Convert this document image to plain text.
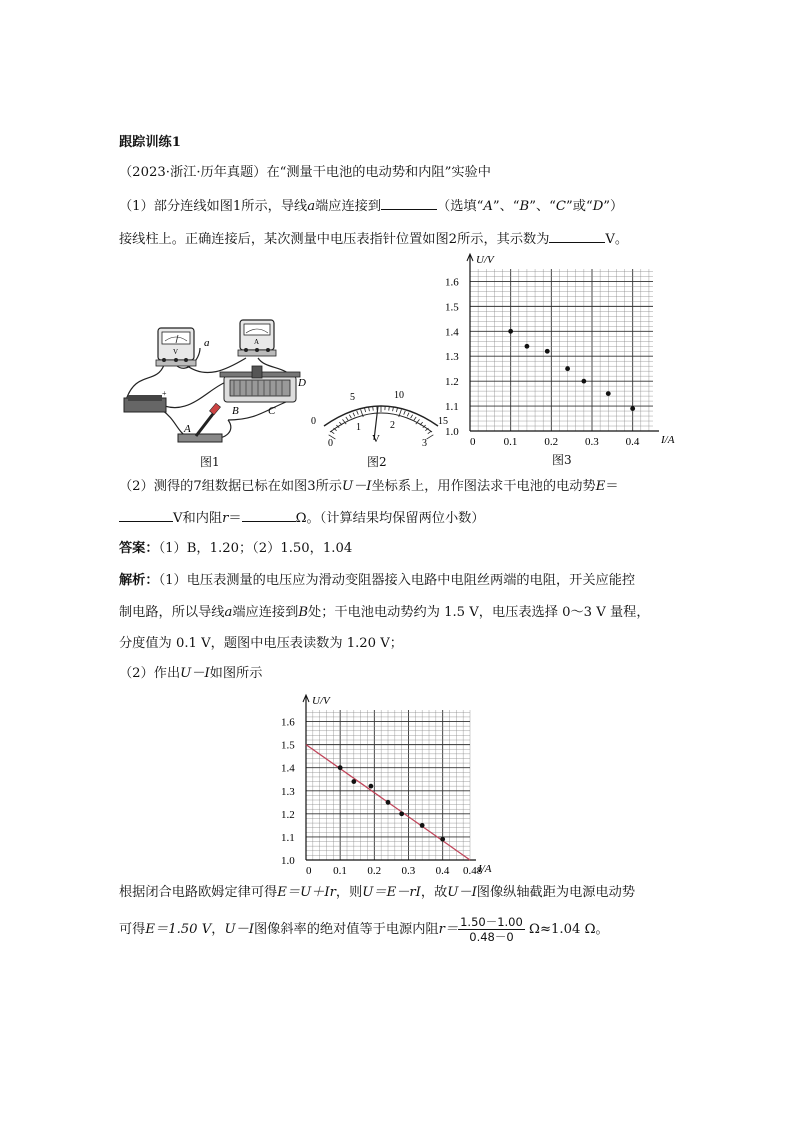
跟踪训练1
（2023·浙江·历年真题）在“测量干电池的电动势和内阻”实验中
（1）部分连线如图1所示，导线a端应连接到	（选填“A”、“B”、“C”或“D”）
接线柱上。正确连接后，某次测量中电压表指针位置如图2所示，其示数为	V。
V
A
+
a
A
B	C
D
图1
0
5	10
15
0
1	2
3
V
图2
U/V
I/A
1.6
1.5
1.4
1.3
1.2
1.1
1.0
0	0.1 0.2 0.3 0.4
图3
（2）测得的7组数据已标在如图3所示U－I坐标系上，用作图法求干电池的电动势E＝
V和内阻r＝	Ω。（计算结果均保留两位小数）
答案：（1）B，1.20；（2）1.50，1.04
解析：（1）电压表测量的电压应为滑动变阻器接入电路中电阻丝两端的电阻，开关应能控
制电路，所以导线a端应连接到B处；干电池电动势约为 1.5 V，电压表选择 0～3 V 量程，
分度值为 0.1 V，题图中电压表读数为 1.20 V；
（2）作出U－I如图所示
U/V
I/A
1.6
1.5
1.4
1.3
1.2
1.1
1.0
0 0.1 0.2 0.3 0.4 0.48
根据闭合电路欧姆定律可得E＝U＋Ir，则U＝E－rI，故U－I图像纵轴截距为电源电动势
可得E＝1.50 V，U－I图像斜率的绝对值等于电源内阻$r= \frac{1.50-1.00}{0.48-0} \Omega\approx 1.04$ Ω。
